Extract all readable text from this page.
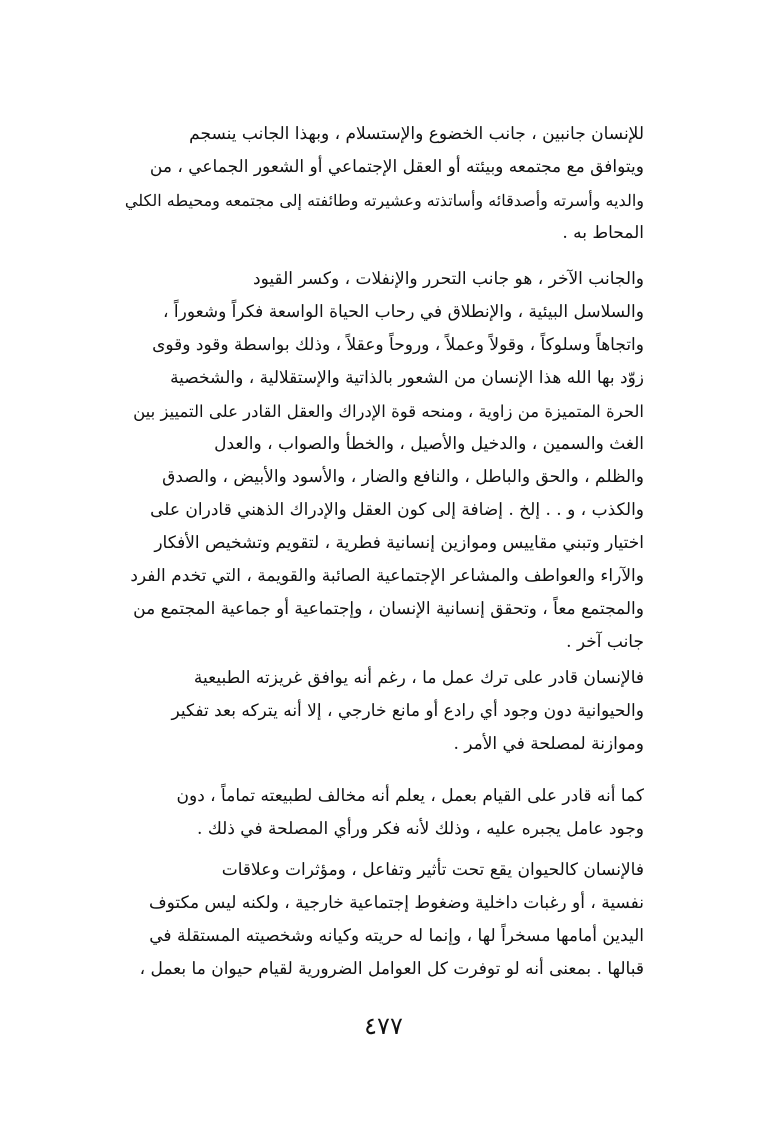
للإنسان جانبين ، جانب الخضوع والإستسلام ، وبهذا الجانب ينسجم
ويتوافق مع مجتمعه وبيئته أو العقل الإجتماعي أو الشعور الجماعي ، من
والديه وأسرته وأصدقائه وأساتذته وعشيرته وطائفته إلى مجتمعه ومحيطه الكلي
المحاط به .
والجانب الآخر ، هو جانب التحرر والإنفلات ، وكسر القيود
والسلاسل البيئية ، والإنطلاق في رحاب الحياة الواسعة فكراً وشعوراً ،
واتجاهاً وسلوكاً ، وقولاً وعملاً ، وروحاً وعقلاً ، وذلك بواسطة وقود وقوى
زوّد بها الله هذا الإنسان من الشعور بالذاتية والإستقلالية ، والشخصية
الحرة المتميزة من زاوية ، ومنحه قوة الإدراك والعقل القادر على التمييز بين
الغث والسمين ، والدخيل والأصيل ، والخطأ والصواب ، والعدل
والظلم ، والحق والباطل ، والنافع والضار ، والأسود والأبيض ، والصدق
والكذب ، و . . إلخ . إضافة إلى كون العقل والإدراك الذهني قادران على
اختيار وتبني مقاييس وموازين إنسانية فطرية ، لتقويم وتشخيص الأفكار
والآراء والعواطف والمشاعر الإجتماعية الصائبة والقويمة ، التي تخدم الفرد
والمجتمع معاً ، وتحقق إنسانية الإنسان ، وإجتماعية أو جماعية المجتمع من
جانب آخر .
فالإنسان قادر على ترك عمل ما ، رغم أنه يوافق غريزته الطبيعية
والحيوانية دون وجود أي رادع أو مانع خارجي ، إلا أنه يتركه بعد تفكير
وموازنة لمصلحة في الأمر .
كما أنه قادر على القيام بعمل ، يعلم أنه مخالف لطبيعته تماماً ، دون
وجود عامل يجبره عليه ، وذلك لأنه فكر ورأي المصلحة في ذلك .
فالإنسان كالحيوان يقع تحت تأثير وتفاعل ، ومؤثرات وعلاقات
نفسية ، أو رغبات داخلية وضغوط إجتماعية خارجية ، ولكنه ليس مكتوف
اليدين أمامها مسخراً لها ، وإنما له حريته وكيانه وشخصيته المستقلة في
قبالها . بمعنى أنه لو توفرت كل العوامل الضرورية لقيام حيوان ما بعمل ،
٤٧٧
